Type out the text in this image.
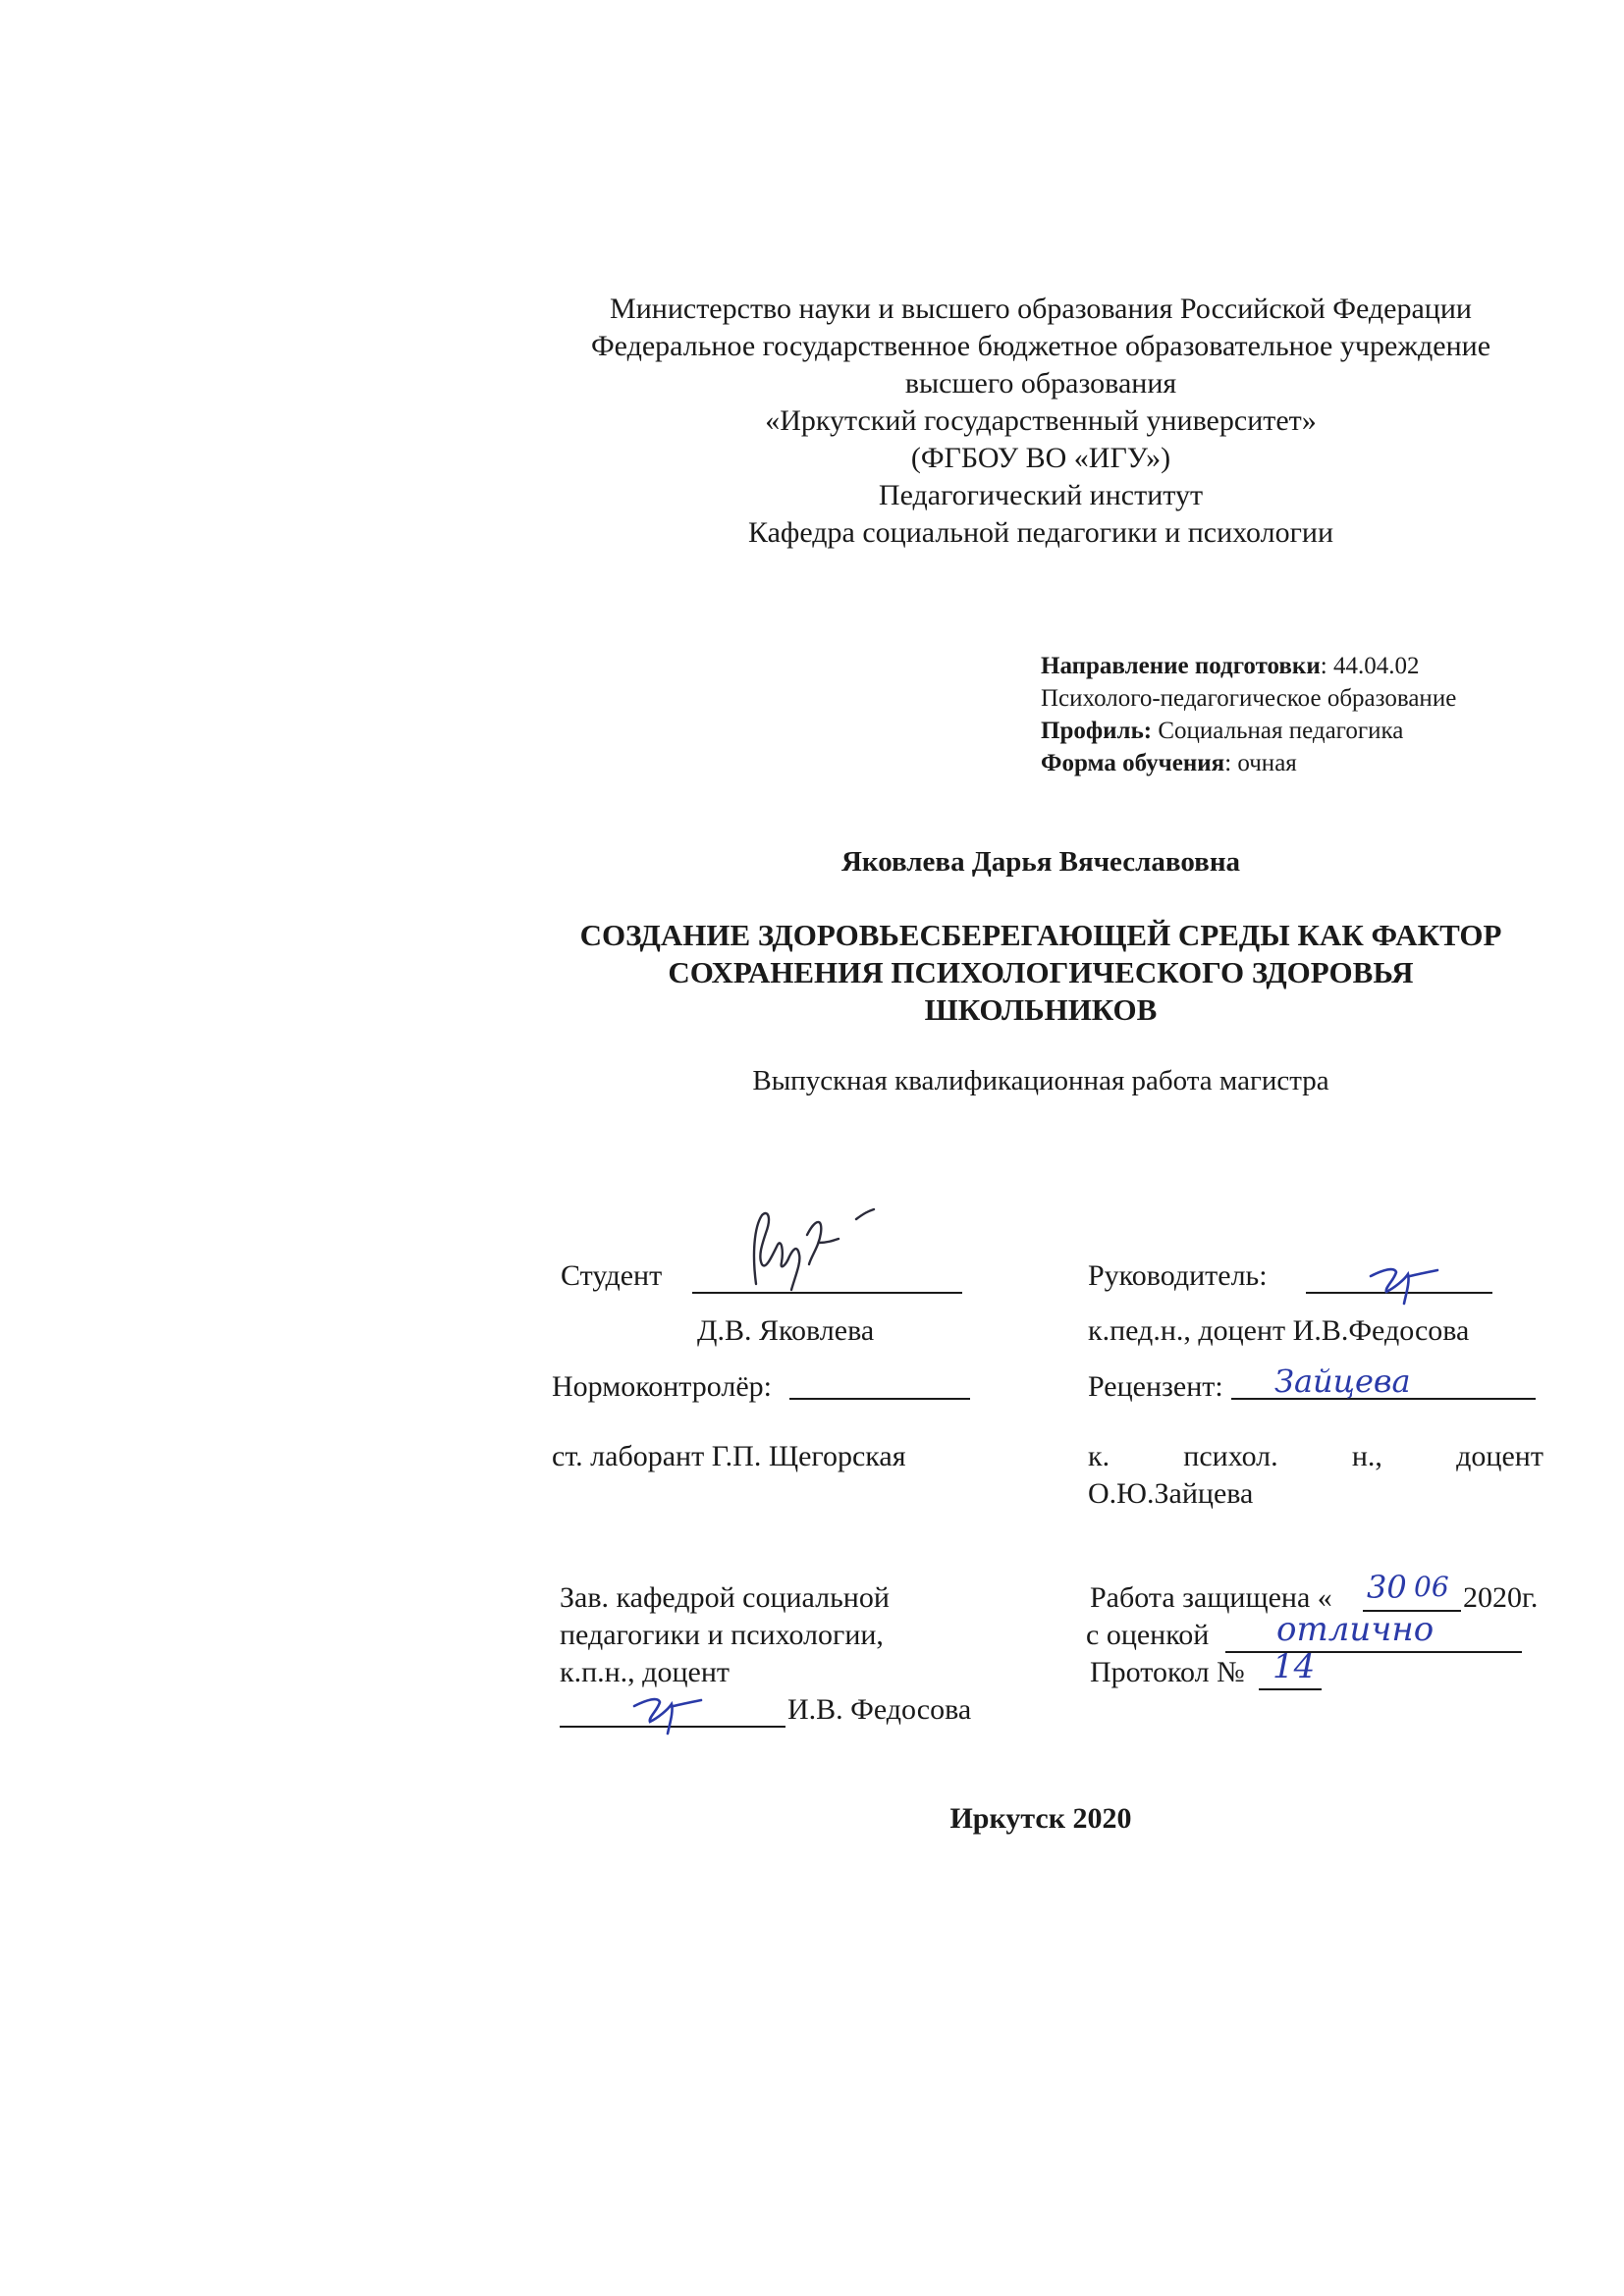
Министерство науки и высшего образования Российской Федерации
Федеральное государственное бюджетное образовательное учреждение
высшего образования
«Иркутский государственный университет»
(ФГБОУ ВО «ИГУ»)
Педагогический институт
Кафедра социальной педагогики и психологии
Направление подготовки: 44.04.02
Психолого-педагогическое образование
Профиль: Социальная педагогика
Форма обучения: очная
Яковлева Дарья Вячеславовна
СОЗДАНИЕ ЗДОРОВЬЕСБЕРЕГАЮЩЕЙ СРЕДЫ КАК ФАКТОР
СОХРАНЕНИЯ ПСИХОЛОГИЧЕСКОГО ЗДОРОВЬЯ
ШКОЛЬНИКОВ
Выпускная квалификационная работа магистра
Студент
Д.В. Яковлева
Нормоконтролёр:
ст. лаборант Г.П. Щегорская
Зав. кафедрой социальной
педагогики и психологии,
к.п.н., доцент
И.В. Федосова
Руководитель:
к.пед.н., доцент И.В.Федосова
Рецензент: Зайцева
к.	психол.	н.,	доцент
О.Ю.Зайцева
Работа защищена « 30 06 2020г.
с оценкой отлично
Протокол № 14
Иркутск 2020
